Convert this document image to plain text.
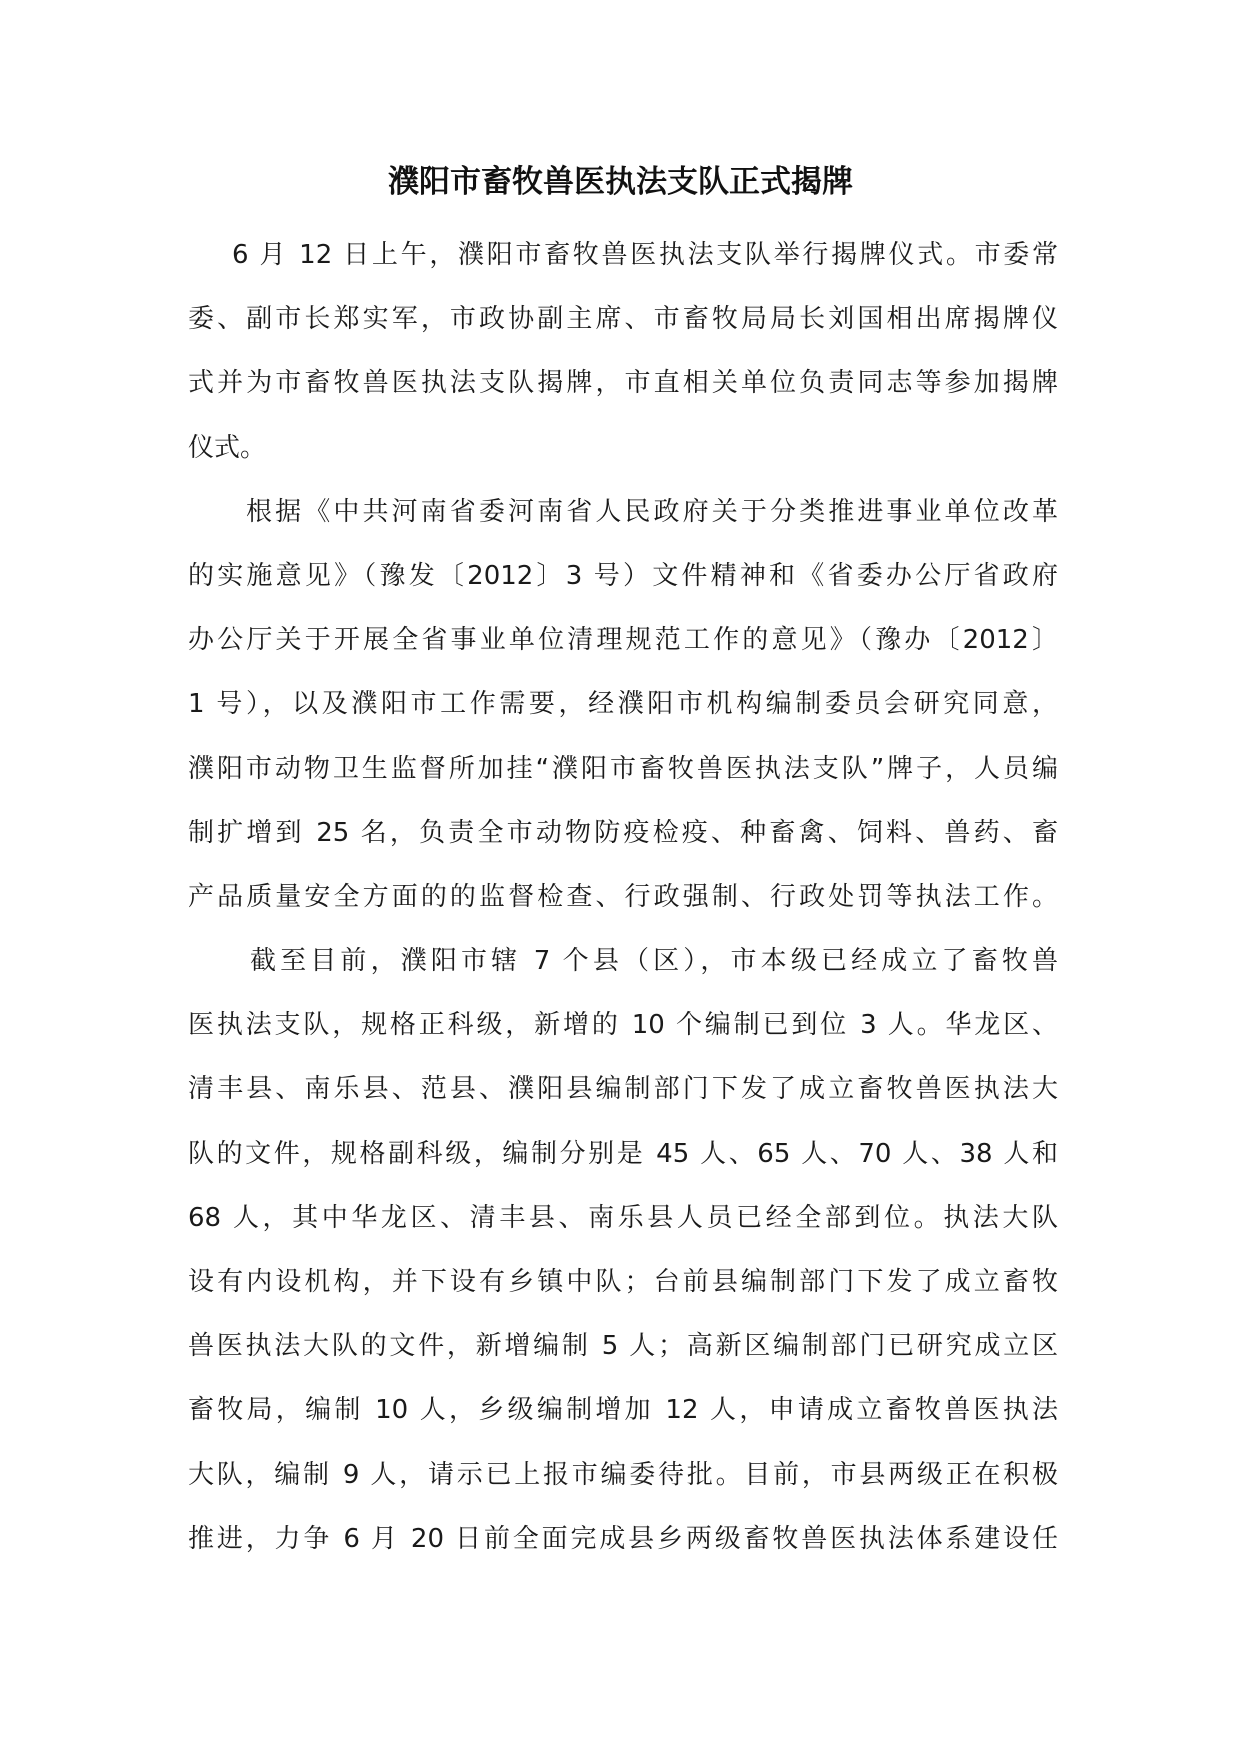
濮阳市畜牧兽医执法支队正式揭牌
6 月 12 日上午，濮阳市畜牧兽医执法支队举行揭牌仪式。市委常
委、副市长郑实军，市政协副主席、市畜牧局局长刘国相出席揭牌仪
式并为市畜牧兽医执法支队揭牌，市直相关单位负责同志等参加揭牌
仪式。
根据《中共河南省委河南省人民政府关于分类推进事业单位改革
的实施意见》（豫发〔2012〕3 号）文件精神和《省委办公厅省政府
办公厅关于开展全省事业单位清理规范工作的意见》（豫办〔2012〕
1 号），以及濮阳市工作需要，经濮阳市机构编制委员会研究同意，
濮阳市动物卫生监督所加挂“濮阳市畜牧兽医执法支队”牌子，人员编
制扩增到 25 名，负责全市动物防疫检疫、种畜禽、饲料、兽药、畜
产品质量安全方面的的监督检查、行政强制、行政处罚等执法工作。
截至目前，濮阳市辖 7 个县（区），市本级已经成立了畜牧兽
医执法支队，规格正科级，新增的 10 个编制已到位 3 人。华龙区、
清丰县、南乐县、范县、濮阳县编制部门下发了成立畜牧兽医执法大
队的文件，规格副科级，编制分别是 45 人、65 人、70 人、38 人和
68 人，其中华龙区、清丰县、南乐县人员已经全部到位。执法大队
设有内设机构，并下设有乡镇中队；台前县编制部门下发了成立畜牧
兽医执法大队的文件，新增编制 5 人；高新区编制部门已研究成立区
畜牧局，编制 10 人，乡级编制增加 12 人，申请成立畜牧兽医执法
大队，编制 9 人，请示已上报市编委待批。目前，市县两级正在积极
推进，力争 6 月 20 日前全面完成县乡两级畜牧兽医执法体系建设任
